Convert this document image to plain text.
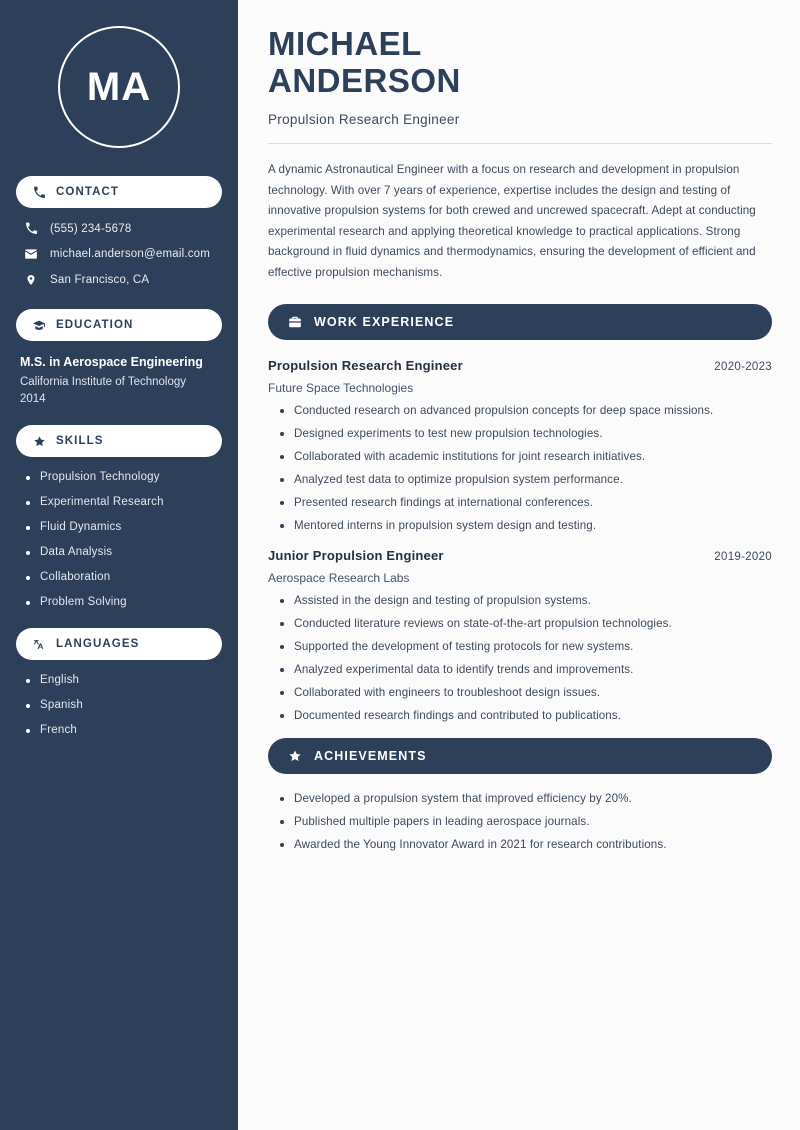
MA
CONTACT
(555) 234-5678
michael.anderson@email.com
San Francisco, CA
EDUCATION
M.S. in Aerospace Engineering
California Institute of Technology
2014
SKILLS
Propulsion Technology
Experimental Research
Fluid Dynamics
Data Analysis
Collaboration
Problem Solving
LANGUAGES
English
Spanish
French
MICHAEL
ANDERSON
Propulsion Research Engineer

A dynamic Astronautical Engineer with a focus on research and development in propulsion technology. With over 7 years of experience, expertise includes the design and testing of innovative propulsion systems for both crewed and uncrewed spacecraft. Adept at conducting experimental research and applying theoretical knowledge to practical applications. Strong background in fluid dynamics and thermodynamics, ensuring the development of efficient and effective propulsion mechanisms.

WORK EXPERIENCE
Propulsion Research Engineer	2020-2023
Future Space Technologies
Conducted research on advanced propulsion concepts for deep space missions.
Designed experiments to test new propulsion technologies.
Collaborated with academic institutions for joint research initiatives.
Analyzed test data to optimize propulsion system performance.
Presented research findings at international conferences.
Mentored interns in propulsion system design and testing.
Junior Propulsion Engineer	2019-2020
Aerospace Research Labs
Assisted in the design and testing of propulsion systems.
Conducted literature reviews on state-of-the-art propulsion technologies.
Supported the development of testing protocols for new systems.
Analyzed experimental data to identify trends and improvements.
Collaborated with engineers to troubleshoot design issues.
Documented research findings and contributed to publications.
ACHIEVEMENTS
Developed a propulsion system that improved efficiency by 20%.
Published multiple papers in leading aerospace journals.
Awarded the Young Innovator Award in 2021 for research contributions.
